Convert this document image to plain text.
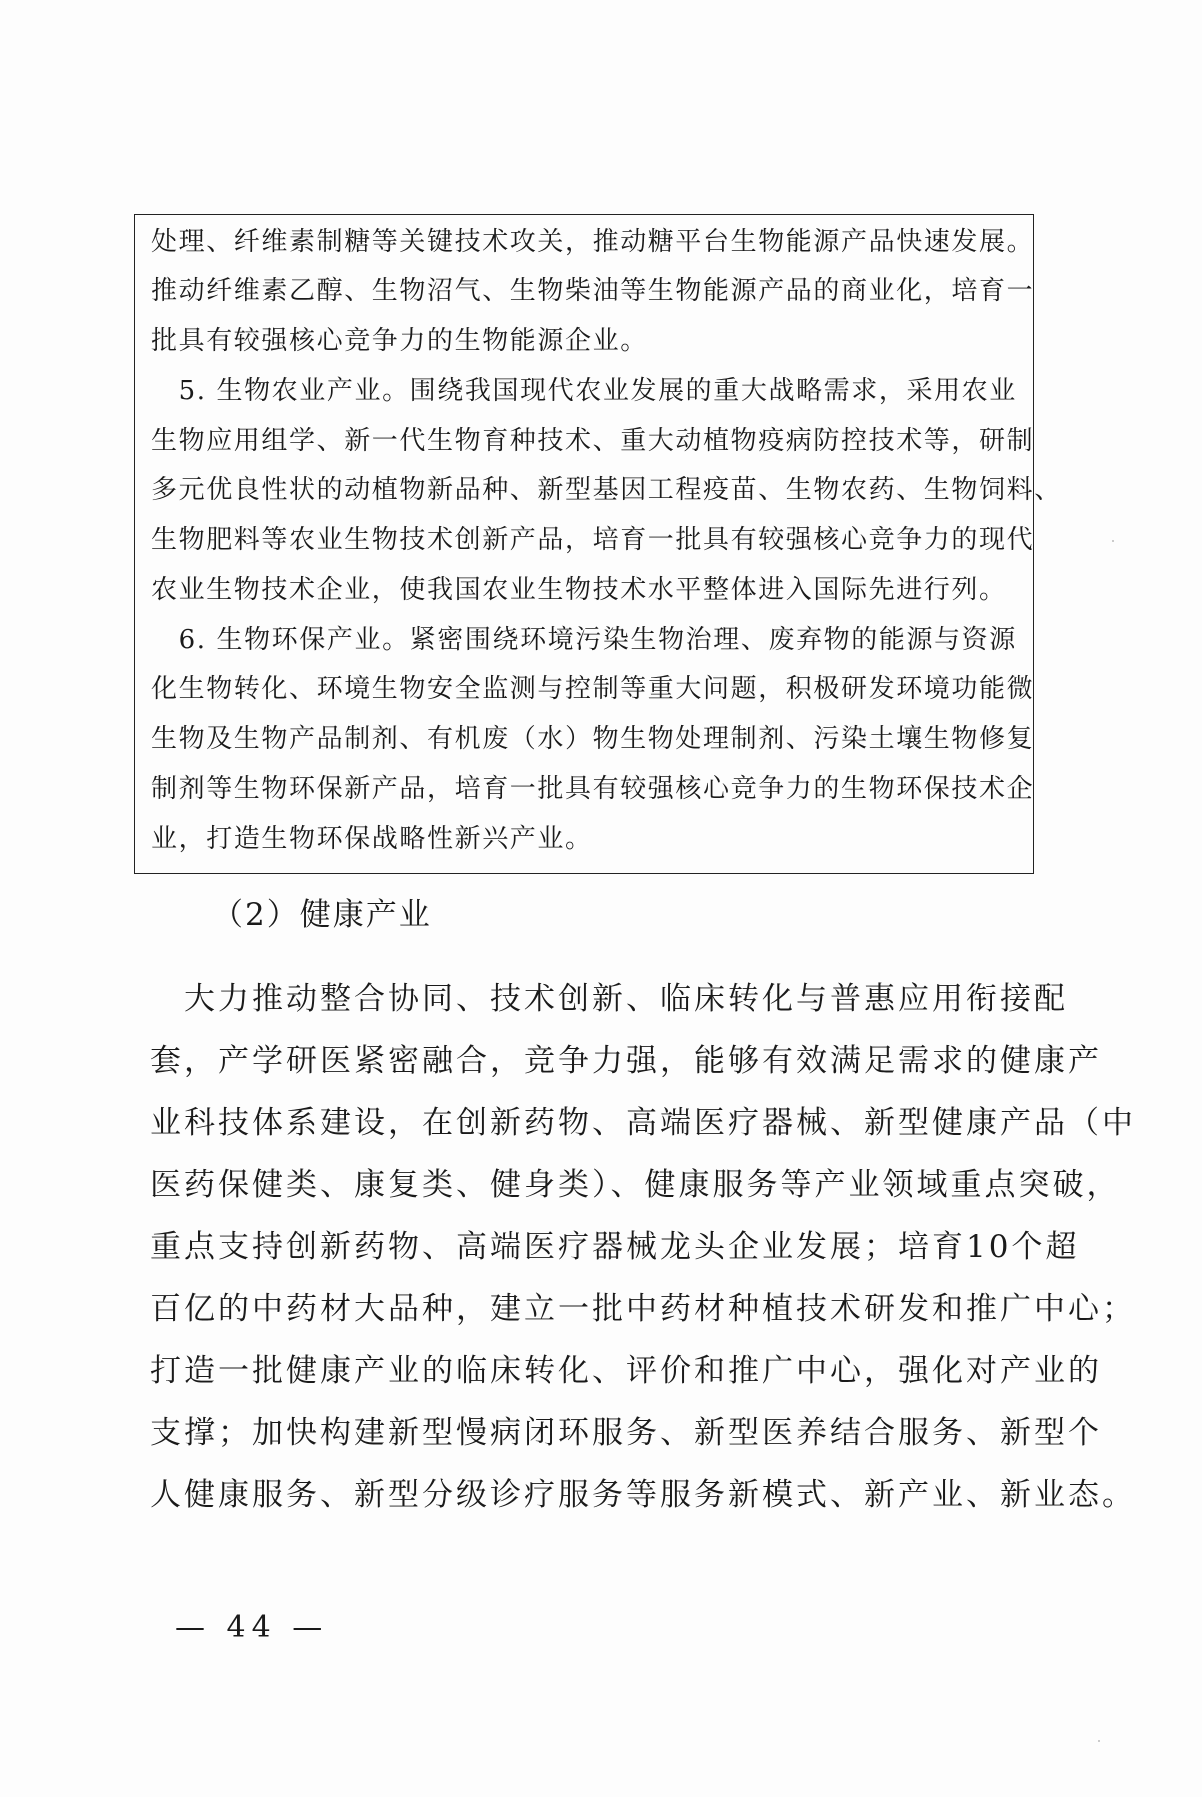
处理、纤维素制糖等关键技术攻关，推动糖平台生物能源产品快速发展。
推动纤维素乙醇、生物沼气、生物柴油等生物能源产品的商业化，培育一
批具有较强核心竞争力的生物能源企业。
　5. 生物农业产业。围绕我国现代农业发展的重大战略需求，采用农业
生物应用组学、新一代生物育种技术、重大动植物疫病防控技术等，研制
多元优良性状的动植物新品种、新型基因工程疫苗、生物农药、生物饲料、
生物肥料等农业生物技术创新产品，培育一批具有较强核心竞争力的现代
农业生物技术企业，使我国农业生物技术水平整体进入国际先进行列。
　6. 生物环保产业。紧密围绕环境污染生物治理、废弃物的能源与资源
化生物转化、环境生物安全监测与控制等重大问题，积极研发环境功能微
生物及生物产品制剂、有机废（水）物生物处理制剂、污染土壤生物修复
制剂等生物环保新产品，培育一批具有较强核心竞争力的生物环保技术企
业，打造生物环保战略性新兴产业。
（2）健康产业
　大力推动整合协同、技术创新、临床转化与普惠应用衔接配
套，产学研医紧密融合，竞争力强，能够有效满足需求的健康产
业科技体系建设，在创新药物、高端医疗器械、新型健康产品（中
医药保健类、康复类、健身类）、健康服务等产业领域重点突破，
重点支持创新药物、高端医疗器械龙头企业发展；培育10个超
百亿的中药材大品种，建立一批中药材种植技术研发和推广中心；
打造一批健康产业的临床转化、评价和推广中心，强化对产业的
支撑；加快构建新型慢病闭环服务、新型医养结合服务、新型个
人健康服务、新型分级诊疗服务等服务新模式、新产业、新业态。
— 44 —
